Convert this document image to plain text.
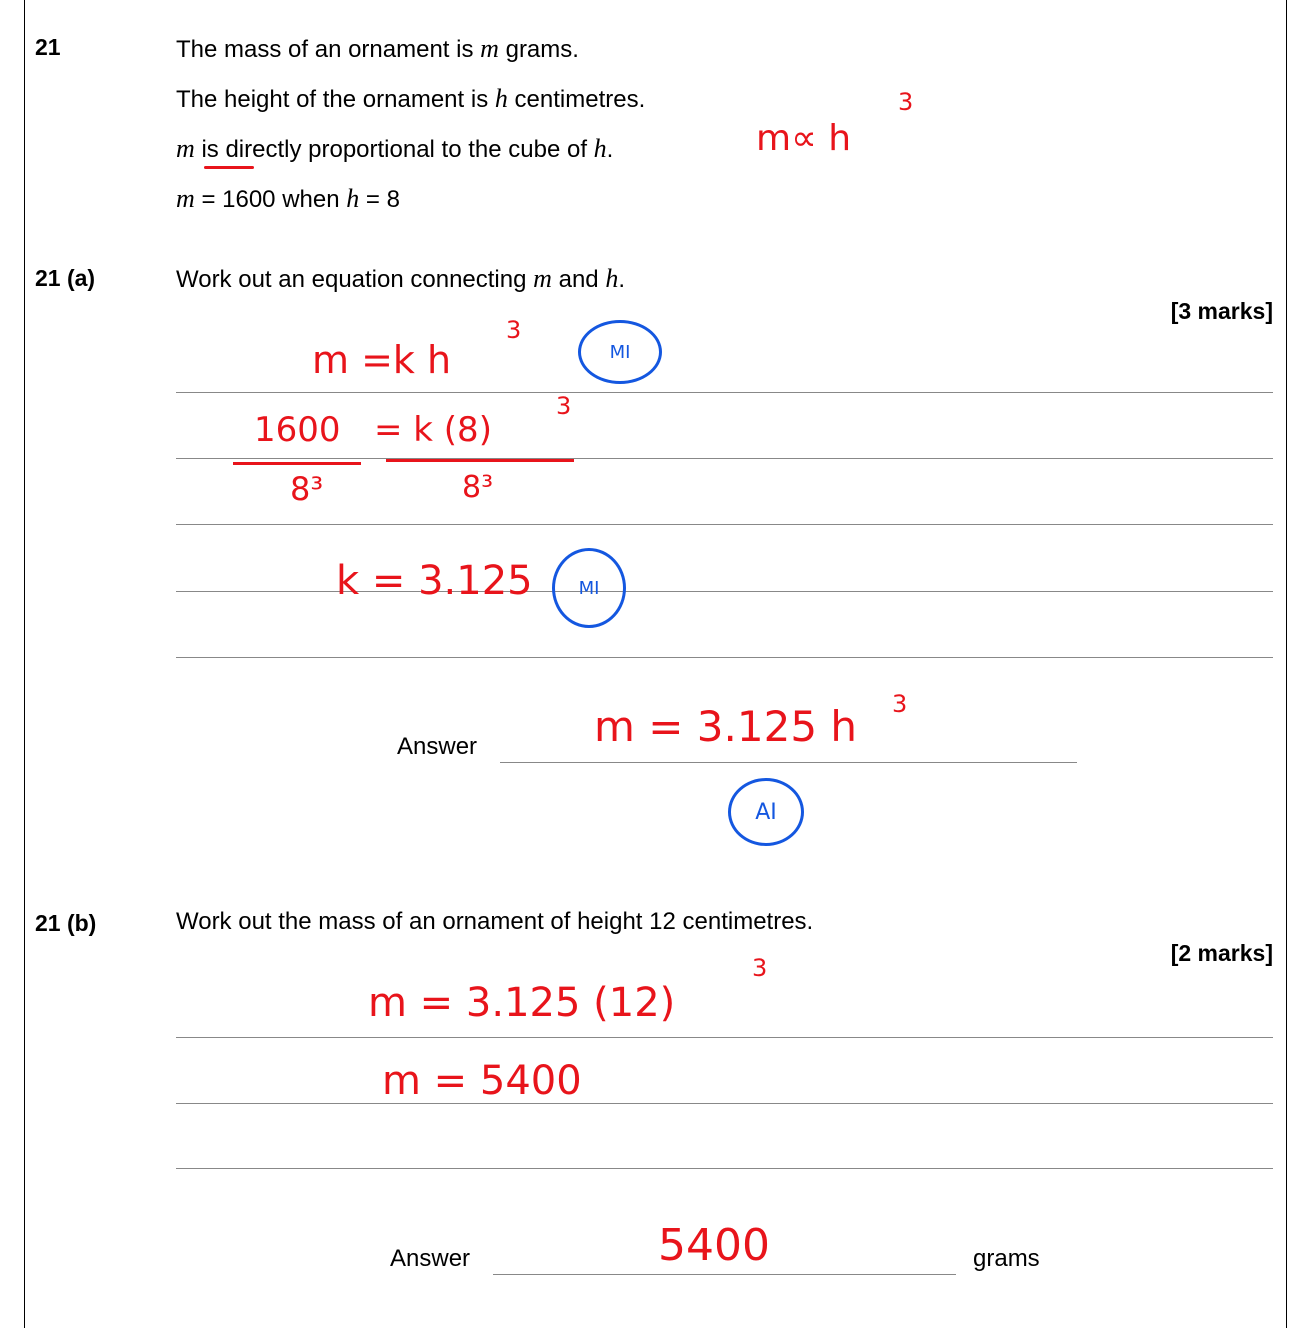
21	The mass of an ornament is m grams.
The height of the ornament is h centimetres.
m is directly proportional to the cube of h.
m = 1600 when h = 8
m∝ h
3
21 (a)	Work out an equation connecting m and h.
[3 marks]
m =k h
3
MI
1600 = k (8)
3
8³	8³
k = 3.125	MI
Answer	m = 3.125 h 3
AI
21 (b)	Work out the mass of an ornament of height 12 centimetres.
[2 marks]
m = 3.125 (12)
3
m = 5400
Answer	5400	grams
